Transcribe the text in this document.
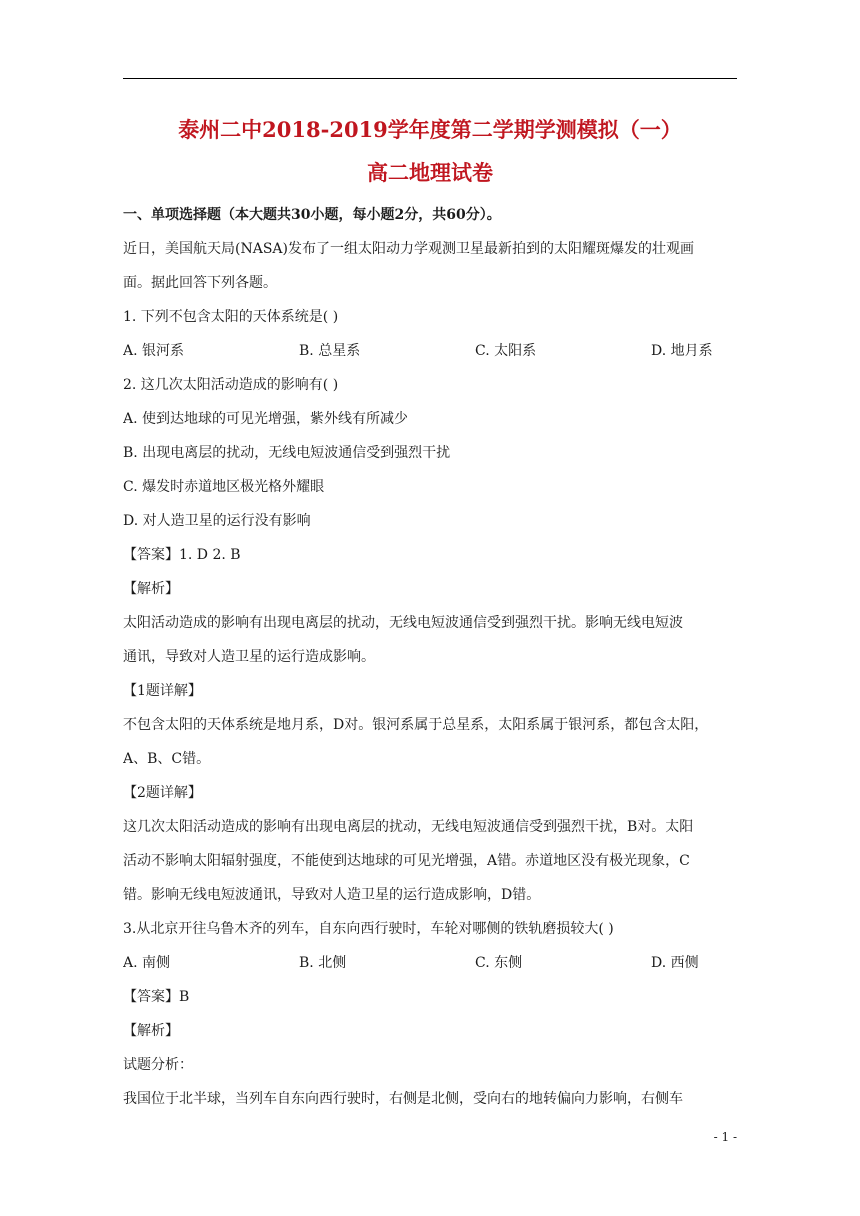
泰州二中2018-2019学年度第二学期学测模拟（一）
高二地理试卷
一、单项选择题（本大题共30小题，每小题2分，共60分）。
近日，美国航天局(NASA)发布了一组太阳动力学观测卫星最新拍到的太阳耀斑爆发的壮观画
面。据此回答下列各题。
1. 下列不包含太阳的天体系统是( )
A. 银河系	B. 总星系	C. 太阳系	D. 地月系
2. 这几次太阳活动造成的影响有( )
A. 使到达地球的可见光增强，紫外线有所减少
B. 出现电离层的扰动，无线电短波通信受到强烈干扰
C. 爆发时赤道地区极光格外耀眼
D. 对人造卫星的运行没有影响
【答案】1. D 2. B
【解析】
太阳活动造成的影响有出现电离层的扰动，无线电短波通信受到强烈干扰。影响无线电短波
通讯，导致对人造卫星的运行造成影响。
【1题详解】
不包含太阳的天体系统是地月系，D对。银河系属于总星系，太阳系属于银河系，都包含太阳，
A、B、C错。
【2题详解】
这几次太阳活动造成的影响有出现电离层的扰动，无线电短波通信受到强烈干扰，B对。太阳
活动不影响太阳辐射强度，不能使到达地球的可见光增强，A错。赤道地区没有极光现象，C
错。影响无线电短波通讯，导致对人造卫星的运行造成影响，D错。
3.从北京开往乌鲁木齐的列车，自东向西行驶时，车轮对哪侧的铁轨磨损较大( )
A. 南侧	B. 北侧	C. 东侧	D. 西侧
【答案】B
【解析】
试题分析：
我国位于北半球，当列车自东向西行驶时，右侧是北侧，受向右的地转偏向力影响，右侧车
- 1 -
